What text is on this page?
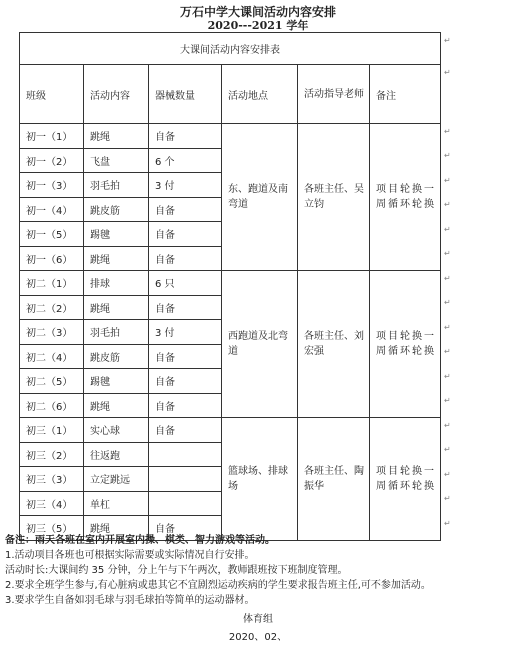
万石中学大课间活动内容安排
2020---2021 学年
大课间活动内容安排表					
班级	活动内容	器械数量	活动地点	活动指导老师	备注
初一（1）	跳绳	自备	东、跑道及南弯道	各班主任、吴立钧	项目轮换一周循环轮换
初一（2）	飞盘	6 个			
初一（3）	羽毛拍	3 付			
初一（4）	跳皮筋	自备			
初一（5）	踢毽	自备			
初一（6）	跳绳	自备			
初二（1）	排球	6 只	西跑道及北弯道	各班主任、刘宏强	项目轮换一周循环轮换
初二（2）	跳绳	自备			
初二（3）	羽毛拍	3 付			
初二（4）	跳皮筋	自备			
初二（5）	踢毽	自备			
初二（6）	跳绳	自备			
初三（1）	实心球	自备	篮球场、排球场	各班主任、陶振华	项目轮换一周循环轮换
初三（2）	往返跑				
初三（3）	立定跳远				
初三（4）	单杠				
初三（5）	跳绳	自备			
↵
↵
↵
↵
↵
↵
↵
↵
↵
↵
↵
↵
↵
↵
↵
↵
↵
↵
↵
备注：雨天各班在室内开展室内操、棋类、智力游戏等活动。
1.活动项目各班也可根据实际需要或实际情况自行安排。
活动时长:大课间约 35 分钟，分上午与下午两次，教师跟班按下班制度管理。
2.要求全班学生参与,有心脏病或患其它不宜剧烈运动疾病的学生要求报告班主任,可不参加活动。
3.要求学生自备如羽毛球与羽毛球拍等简单的运动器材。
体育组
2020、02、
